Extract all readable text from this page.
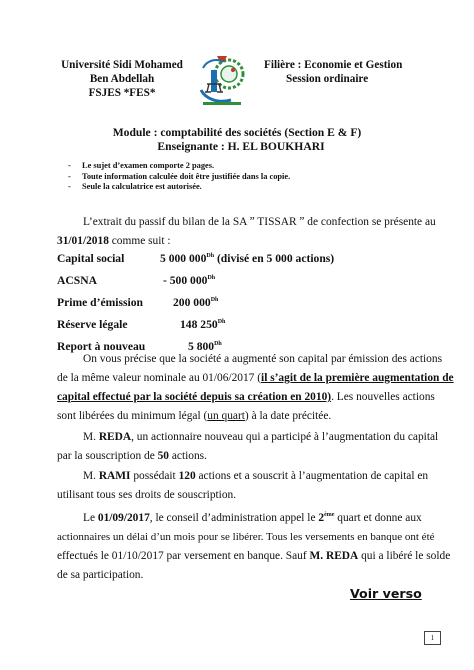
Université Sidi Mohamed
Ben Abdellah
FSJES *FES*
Filière : Economie et Gestion
Session ordinaire
Module : comptabilité des sociétés (Section E & F)
Enseignante : H. EL BOUKHARI
- Le sujet d’examen comporte 2 pages.
- Toute information calculée doit être justifiée dans la copie.
- Seule la calculatrice est autorisée.
L’extrait du passif du bilan de la SA ˮ TISSAR ˮ de confection se présente au
31/01/2018 comme suit :
Capital social	5 000 $000^{Dh}$ (divisé en 5 000 actions)
ACSNA	- 500 $000^{Dh}$
Prime d’émission	200 $000^{Dh}$
Réserve légale	148 $250^{Dh}$
Report à nouveau	5 $800^{Dh}$
On vous précise que la société a augmenté son capital par émission des actions
de la même valeur nominale au 01/06/2017 (il s’agit de la première augmentation de
capital effectué par la société depuis sa création en 2010). Les nouvelles actions
sont libérées du minimum légal (un quart) à la date précitée.
M. REDA, un actionnaire nouveau qui a participé à l’augmentation du capital
par la souscription de 50 actions.
M. RAMI possédait 120 actions et a souscrit à l’augmentation de capital en
utilisant tous ses droits de souscription.
Le 01/09/2017, le conseil d’administration appel le 2ème quart et donne aux
actionnaires un délai d’un mois pour se libérer. Tous les versements en banque ont été
effectués le 01/10/2017 par versement en banque. Sauf M. REDA qui a libéré le solde
de sa participation.
Voir verso
1
